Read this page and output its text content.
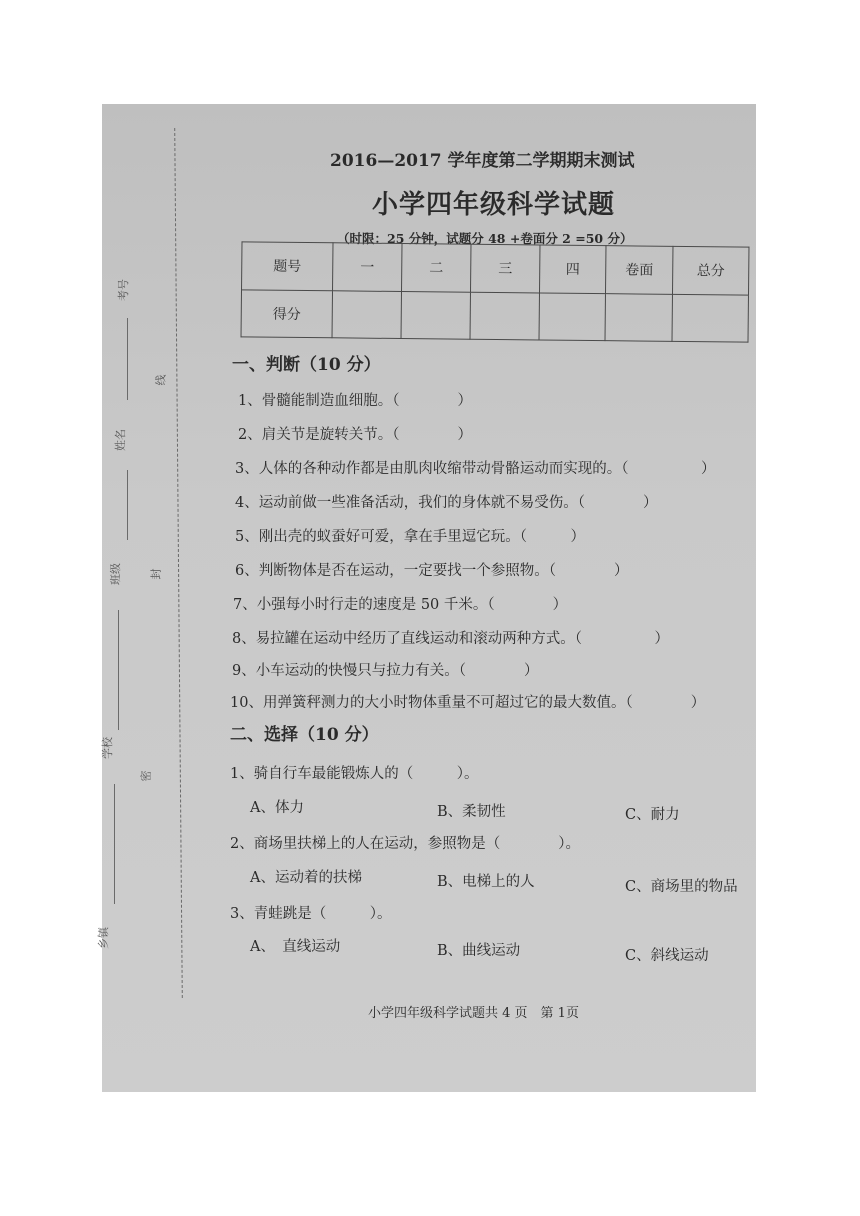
考号
姓名
班级
学校
乡镇
线
封
密
2016—2017 学年度第二学期期末测试
小学四年级科学试题
（时限：25 分钟，试题分 48 +卷面分 2 =50 分）
题号	一	二	三	四	卷面	总分
得分						
一、判断（10 分）
1、骨髓能制造血细胞。（　　　　）
2、肩关节是旋转关节。（　　　　）
3、人体的各种动作都是由肌肉收缩带动骨骼运动而实现的。（　　　　　）
4、运动前做一些准备活动，我们的身体就不易受伤。（　　　　）
5、刚出壳的蚁蚕好可爱，拿在手里逗它玩。（　　　）
6、判断物体是否在运动，一定要找一个参照物。（　　　　）
7、小强每小时行走的速度是 50 千米。（　　　　）
8、易拉罐在运动中经历了直线运动和滚动两种方式。（　　　　　）
9、小车运动的快慢只与拉力有关。（　　　　）
10、用弹簧秤测力的大小时物体重量不可超过它的最大数值。（　　　　）
二、选择（10 分）
1、骑自行车最能锻炼人的（　　　）。
A、体力	B、柔韧性	C、耐力
2、商场里扶梯上的人在运动，参照物是（　　　　）。
A、运动着的扶梯	B、电梯上的人	C、商场里的物品
3、青蛙跳是（　　　）。
A、　直线运动	B、曲线运动	C、斜线运动
小学四年级科学试题共 4 页　第 1页
